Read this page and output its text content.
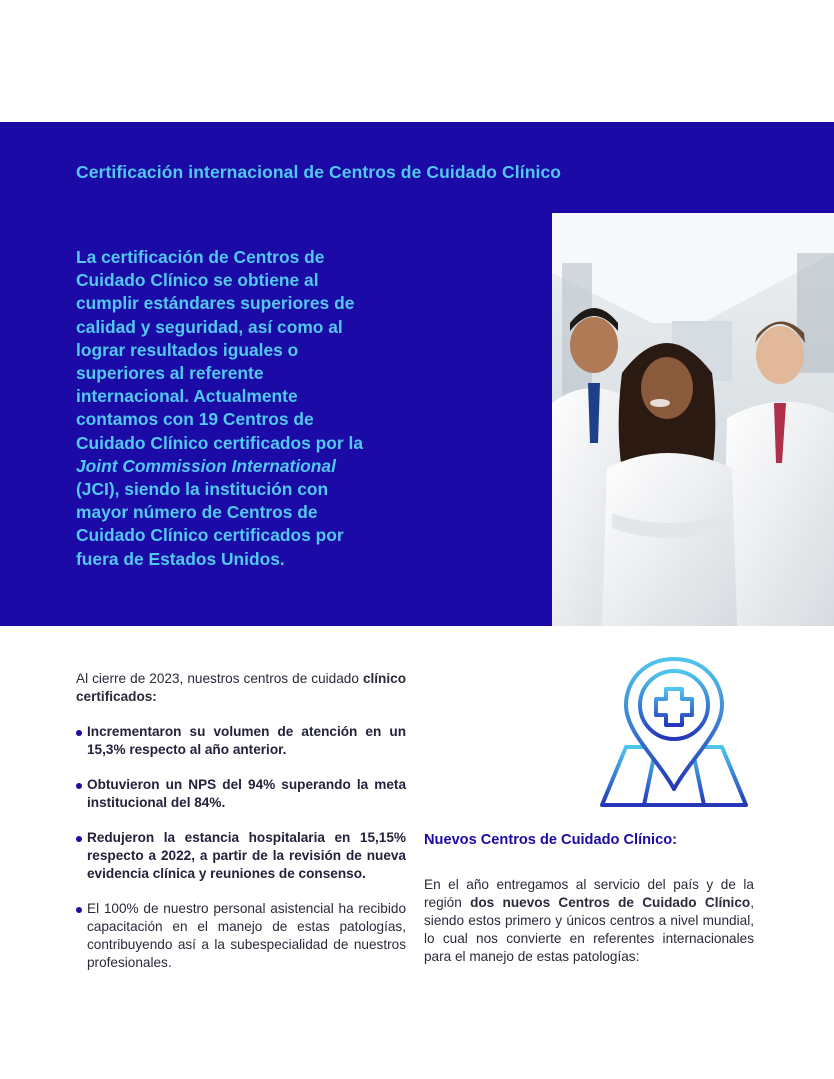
Certificación internacional de Centros de Cuidado Clínico

La certificación de Centros de Cuidado Clínico se obtiene al cumplir estándares superiores de calidad y seguridad, así como al lograr resultados iguales o superiores al referente internacional. Actualmente contamos con 19 Centros de Cuidado Clínico certificados por la Joint Commission International (JCI), siendo la institución con mayor número de Centros de Cuidado Clínico certificados por fuera de Estados Unidos.

Al cierre de 2023, nuestros centros de cuidado clínico certificados:

Incrementaron su volumen de atención en un 15,3% respecto al año anterior.
Obtuvieron un NPS del 94% superando la meta institucional del 84%.
Redujeron la estancia hospitalaria en 15,15% respecto a 2022, a partir de la revisión de nueva evidencia clínica y reuniones de consenso.
El 100% de nuestro personal asistencial ha recibido capacitación en el manejo de estas patologías, contribuyendo así a la subespecialidad de nuestros profesionales.
Nuevos Centros de Cuidado Clínico:

En el año entregamos al servicio del país y de la región dos nuevos Centros de Cuidado Clínico, siendo estos primero y únicos centros a nivel mundial, lo cual nos convierte en referentes internacionales para el manejo de estas patologías:
